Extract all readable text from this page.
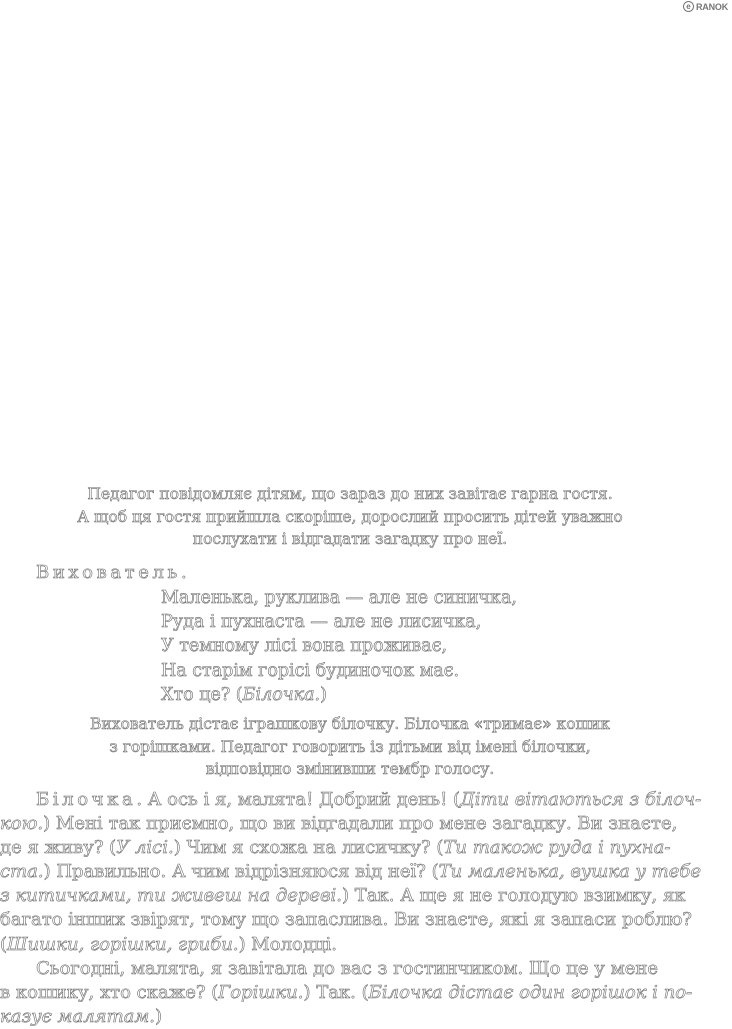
e RANOK
Педагог повідомляє дітям, що зараз до них завітає гарна гостя.
А щоб ця гостя прийшла скоріше, дорослий просить дітей уважно
послухати і відгадати загадку про неї.
Вихователь.
Маленька, руклива — але не синичка,
Руда і пухнаста — але не лисичка,
У темному лісі вона проживає,
На старім горісі будиночок має.
Хто це? (Білочка.)
Вихователь дістає іграшкову білочку. Білочка «тримає» кошик
з горішками. Педагог говорить із дітьми від імені білочки,
відповідно змінивши тембр голосу.
Білочка. А ось і я, малята! Добрий день! (Діти вітаються з білоч-
кою.) Мені так приємно, що ви відгадали про мене загадку. Ви знаєте,
де я живу? (У лісі.) Чим я схожа на лисичку? (Ти також руда і пухна-
ста.) Правильно. А чим відрізняюся від неї? (Ти маленька, вушка у тебе
з китичками, ти живеш на дереві.) Так. А ще я не голодую взимку, як
багато інших звірят, тому що запаслива. Ви знаєте, які я запаси роблю?
(Шишки, горішки, гриби.) Молодці.
Сьогодні, малята, я завітала до вас з гостинчиком. Що це у мене
в кошику, хто скаже? (Горішки.) Так. (Білочка дістає один горішок і по-
казує малятам.)
